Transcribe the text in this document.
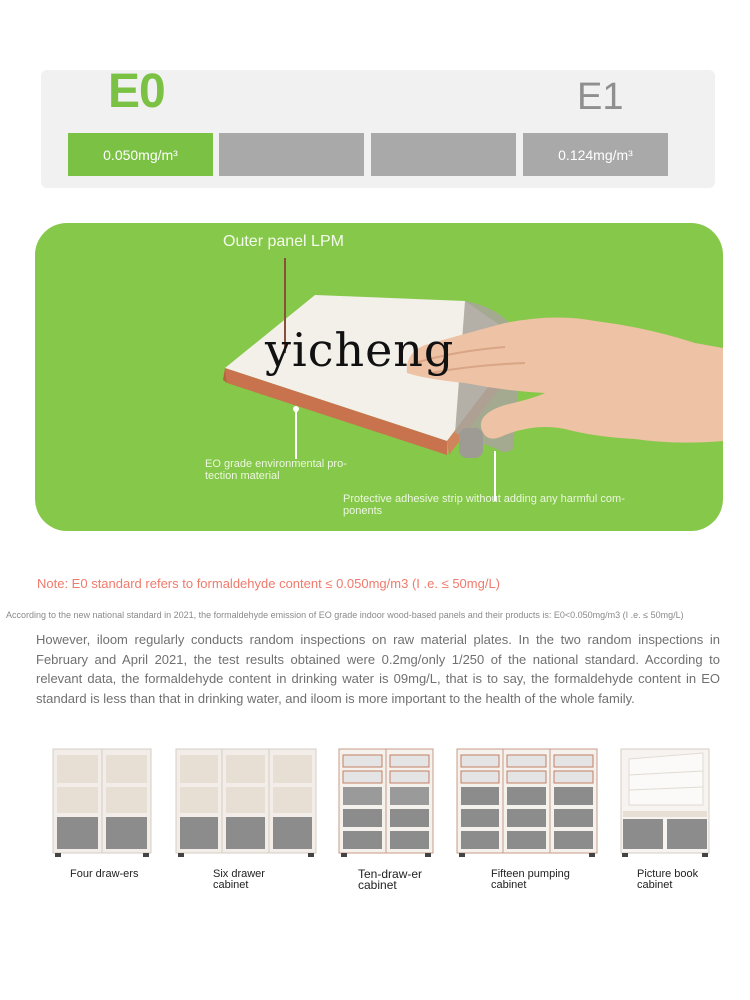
E0	E1
0.050mg/m³	0.124mg/m³
Outer panel LPM
EO grade environmental pro-tection material
Protective adhesive strip without adding any harmful com-ponents
yicheng
Note: E0 standard refers to formaldehyde content ≤ 0.050mg/m3 (I .e. ≤ 50mg/L)
According to the new national standard in 2021, the formaldehyde emission of EO grade indoor wood-based panels and their products is: E0<0.050mg/m3 (I .e. ≤ 50mg/L)
However, iloom regularly conducts random inspections on raw material plates. In the two random inspections in February and April 2021, the test results obtained were 0.2mg/only 1/250 of the national standard. According to relevant data, the formaldehyde content in drinking water is 09mg/L, that is to say, the formaldehyde content in EO standard is less than that in drinking water, and iloom is more important to the health of the whole family.
Four draw-ers	Six drawer cabinet
Ten-draw-er cabinet
Fifteen pumping cabinet
Picture book cabinet
